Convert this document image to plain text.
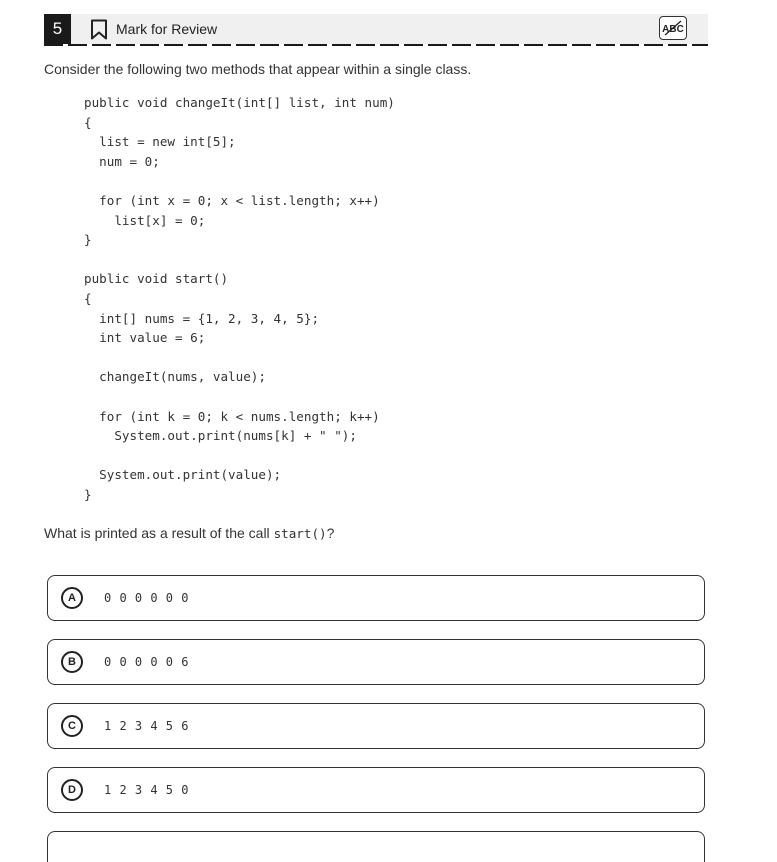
5	Mark for Review	ABC
Consider the following two methods that appear within a single class.
public void changeIt(int[] list, int num)
{
list = new int[5];
num = 0;

for (int x = 0; x < list.length; x++)
list[x] = 0;
}

public void start()
{
int[] nums = {1, 2, 3, 4, 5};
int value = 6;

changeIt(nums, value);

for (int k = 0; k < nums.length; k++)
System.out.print(nums[k] + " ");

System.out.print(value);
}
What is printed as a result of the call start()?
A	0 0 0 0 0 0
B	0 0 0 0 0 6
C	1 2 3 4 5 6
D	1 2 3 4 5 0
